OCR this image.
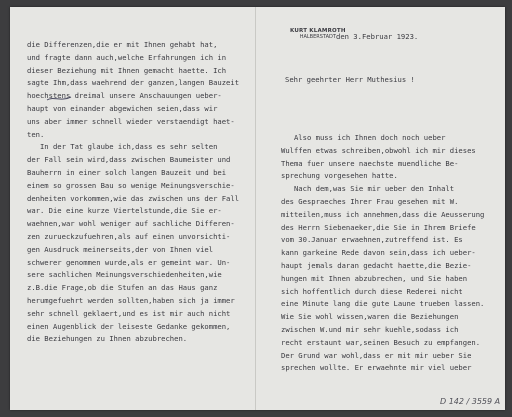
KURT KLAMROTH
HALBERSTADT den 3.Februar 1923.
die Differenzen,die er mit Ihnen gehabt hat,
und fragte dann auch,welche Erfahrungen ich in
dieser Beziehung mit Ihnen gemacht haette. Ich
sagte Ihm,dass waehrend der ganzen,langen Bauzeit
hoechstens dreimal unsere Anschauungen ueber-
haupt von einander abgewichen seien,dass wir
uns aber immer schnell wieder verstaendigt haet-
ten.
In der Tat glaube ich,dass es sehr selten
der Fall sein wird,dass zwischen Baumeister und
Bauherrn in einer solch langen Bauzeit und bei
einem so grossen Bau so wenige Meinungsverschie-
denheiten vorkommen,wie das zwischen uns der Fall
war. Die eine kurze Viertelstunde,die Sie er-
waehnen,war wohl weniger auf sachliche Differen-
zen zurueckzufuehren,als auf einen unvorsichti-
gen Ausdruck meinerseits,der von Ihnen viel
schwerer genommen wurde,als er gemeint war. Un-
sere sachlichen Meinungsverschiedenheiten,wie
z.B.die Frage,ob die Stufen an das Haus ganz
herumgefuehrt werden sollten,haben sich ja immer
sehr schnell geklaert,und es ist mir auch nicht
einen Augenblick der leiseste Gedanke gekommen,
die Beziehungen zu Ihnen abzubrechen.

Sehr geehrter Herr Muthesius !

Also muss ich Ihnen doch noch ueber
Wulffen etwas schreiben,obwohl ich mir dieses
Thema fuer unsere naechste muendliche Be-
sprechung vorgesehen hatte.
Nach dem,was Sie mir ueber den Inhalt
des Gespraeches Ihrer Frau gesehen mit W.
mitteilen,muss ich annehmen,dass die Aeusserung
des Herrn Siebenaeker,die Sie in Ihrem Briefe
vom 30.Januar erwaehnen,zutreffend ist. Es
kann garkeine Rede davon sein,dass ich ueber-
haupt jemals daran gedacht haette,die Bezie-
hungen mit Ihnen abzubrechen, und Sie haben
sich hoffentlich durch diese Rederei nicht
eine Minute lang die gute Laune trueben lassen.
Wie Sie wohl wissen,waren die Beziehungen
zwischen W.und mir sehr kuehle,sodass ich
recht erstaunt war,seinen Besuch zu empfangen.
Der Grund war wohl,dass er mit mir ueber Sie
sprechen wollte. Er erwaehnte mir viel ueber

D 142 / 3559 A
